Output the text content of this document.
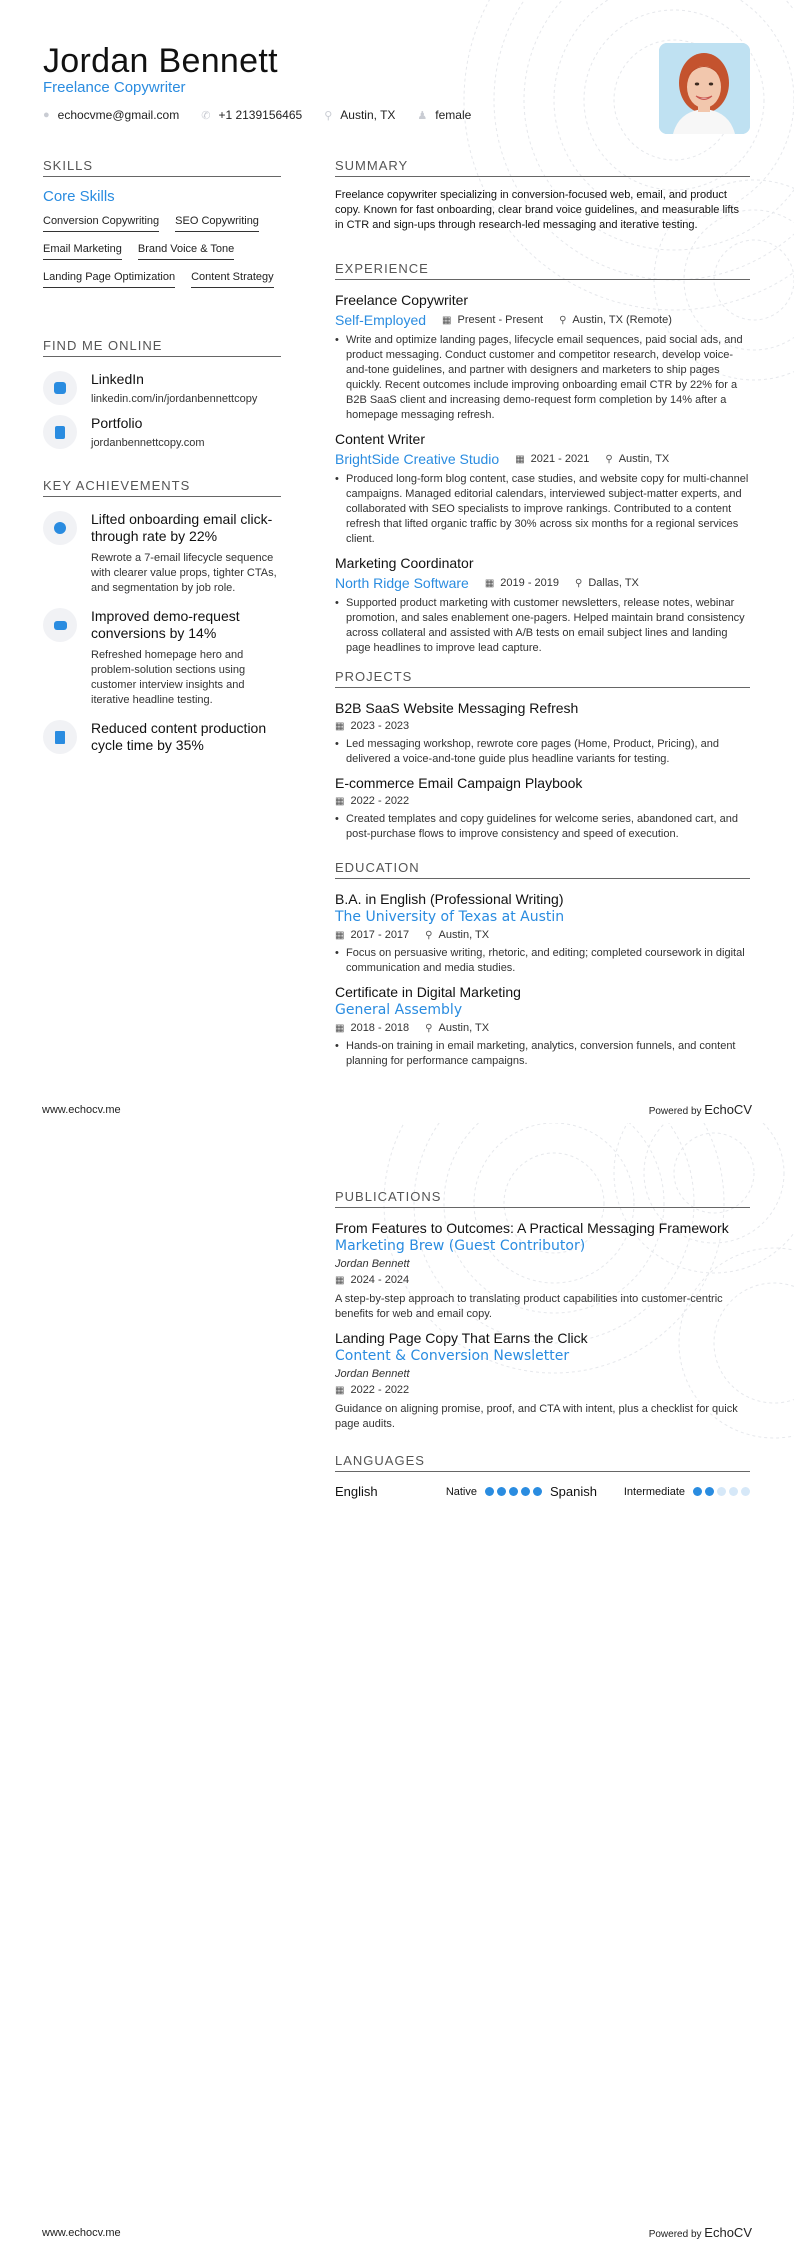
Jordan Bennett
Freelance Copywriter
● echocvme@gmail.com ✆ +1 2139156465 ⚲ Austin, TX ♟ female
SKILLS
Core Skills
Conversion Copywriting SEO Copywriting
Email Marketing Brand Voice & Tone
Landing Page Optimization Content Strategy
FIND ME ONLINE
LinkedIn
linkedin.com/in/jordanbennettcopy
Portfolio
jordanbennettcopy.com
KEY ACHIEVEMENTS
Lifted onboarding email click-through rate by 22%
Rewrote a 7-email lifecycle sequence with clearer value props, tighter CTAs, and segmentation by job role.
Improved demo-request conversions by 14%
Refreshed homepage hero and problem-solution sections using customer interview insights and iterative headline testing.
Reduced content production cycle time by 35%
SUMMARY
Freelance copywriter specializing in conversion-focused web, email, and product copy. Known for fast onboarding, clear brand voice guidelines, and measurable lifts in CTR and sign-ups through research-led messaging and iterative testing.
EXPERIENCE
Freelance Copywriter
Self-Employed ▦ Present - Present ⚲ Austin, TX (Remote)
• Write and optimize landing pages, lifecycle email sequences, paid social ads, and product messaging. Conduct customer and competitor research, develop voice-and-tone guidelines, and partner with designers and marketers to ship pages quickly. Recent outcomes include improving onboarding email CTR by 22% for a B2B SaaS client and increasing demo-request form completion by 14% after a homepage messaging refresh.
Content Writer
BrightSide Creative Studio ▦ 2021 - 2021 ⚲ Austin, TX
• Produced long-form blog content, case studies, and website copy for multi-channel campaigns. Managed editorial calendars, interviewed subject-matter experts, and collaborated with SEO specialists to improve rankings. Contributed to a content refresh that lifted organic traffic by 30% across six months for a regional services client.
Marketing Coordinator
North Ridge Software ▦ 2019 - 2019 ⚲ Dallas, TX
• Supported product marketing with customer newsletters, release notes, webinar promotion, and sales enablement one-pagers. Helped maintain brand consistency across collateral and assisted with A/B tests on email subject lines and landing page headlines to improve lead capture.
PROJECTS
B2B SaaS Website Messaging Refresh
▦ 2023 - 2023
• Led messaging workshop, rewrote core pages (Home, Product, Pricing), and delivered a voice-and-tone guide plus headline variants for testing.
E-commerce Email Campaign Playbook
▦ 2022 - 2022
• Created templates and copy guidelines for welcome series, abandoned cart, and post-purchase flows to improve consistency and speed of execution.
EDUCATION
B.A. in English (Professional Writing)
The University of Texas at Austin
▦ 2017 - 2017 ⚲ Austin, TX
• Focus on persuasive writing, rhetoric, and editing; completed coursework in digital communication and media studies.
Certificate in Digital Marketing
General Assembly
▦ 2018 - 2018 ⚲ Austin, TX
• Hands-on training in email marketing, analytics, conversion funnels, and content planning for performance campaigns.
www.echocv.me	Powered by EchoCV
PUBLICATIONS
From Features to Outcomes: A Practical Messaging Framework
Marketing Brew (Guest Contributor)
Jordan Bennett
▦ 2024 - 2024
A step-by-step approach to translating product capabilities into customer-centric benefits for web and email copy.
Landing Page Copy That Earns the Click
Content & Conversion Newsletter
Jordan Bennett
▦ 2022 - 2022
Guidance on aligning promise, proof, and CTA with intent, plus a checklist for quick page audits.
LANGUAGES
English	Native	Spanish Intermediate
www.echocv.me	Powered by EchoCV
